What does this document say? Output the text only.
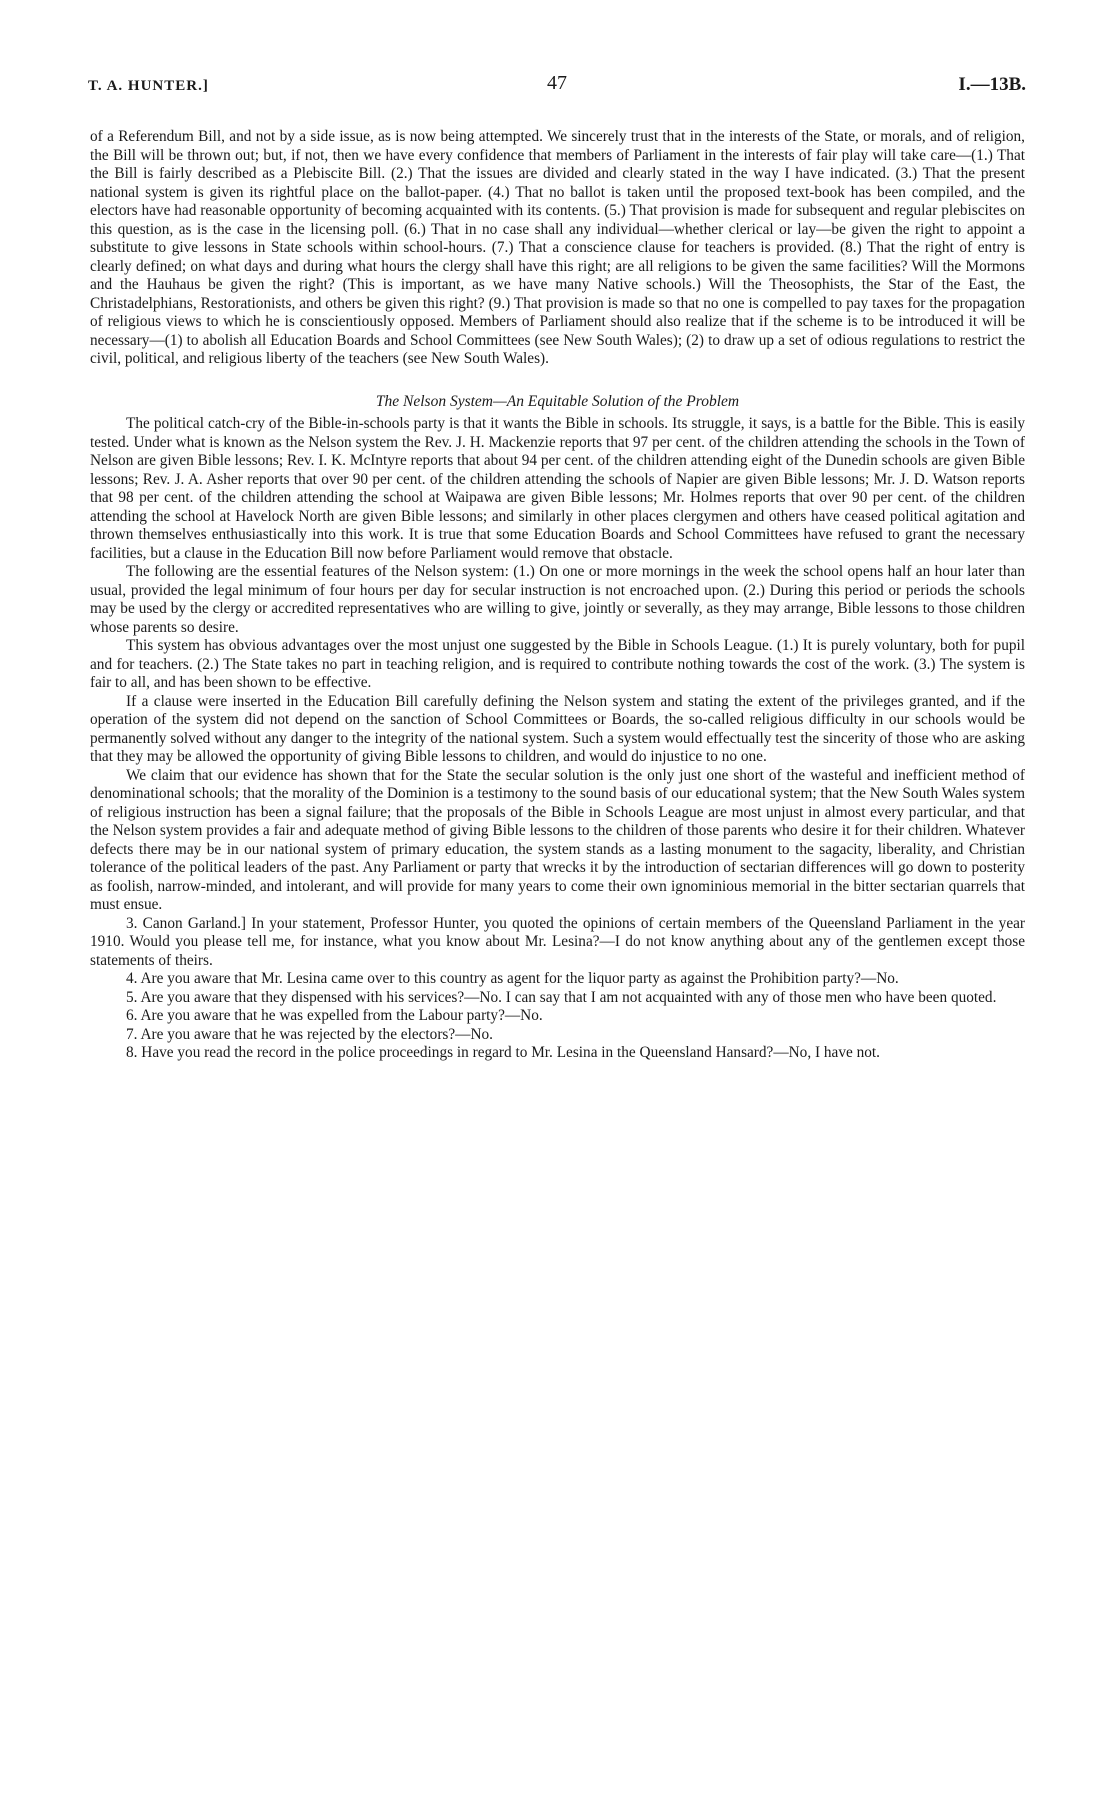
T. A. HUNTER.]	47	I.—13B.

of a Referendum Bill, and not by a side issue, as is now being attempted. We sincerely trust that in the interests of the State, or morals, and of religion, the Bill will be thrown out; but, if not, then we have every confidence that members of Parliament in the interests of fair play will take care—(1.) That the Bill is fairly described as a Plebiscite Bill. (2.) That the issues are divided and clearly stated in the way I have indicated. (3.) That the present national system is given its rightful place on the ballot-paper. (4.) That no ballot is taken until the proposed text-book has been compiled, and the electors have had reasonable opportunity of becoming acquainted with its contents. (5.) That provision is made for subsequent and regular plebiscites on this question, as is the case in the licensing poll. (6.) That in no case shall any individual—whether clerical or lay—be given the right to appoint a substitute to give lessons in State schools within school-hours. (7.) That a conscience clause for teachers is provided. (8.) That the right of entry is clearly defined; on what days and during what hours the clergy shall have this right; are all religions to be given the same facilities? Will the Mormons and the Hauhaus be given the right? (This is important, as we have many Native schools.) Will the Theosophists, the Star of the East, the Christadelphians, Restorationists, and others be given this right? (9.) That provision is made so that no one is compelled to pay taxes for the propagation of religious views to which he is conscientiously opposed. Members of Parliament should also realize that if the scheme is to be introduced it will be necessary—(1) to abolish all Education Boards and School Committees (see New South Wales); (2) to draw up a set of odious regulations to restrict the civil, political, and religious liberty of the teachers (see New South Wales).

The Nelson System—An Equitable Solution of the Problem

The political catch-cry of the Bible-in-schools party is that it wants the Bible in schools. Its struggle, it says, is a battle for the Bible. This is easily tested. Under what is known as the Nelson system the Rev. J. H. Mackenzie reports that 97 per cent. of the children attending the schools in the Town of Nelson are given Bible lessons; Rev. I. K. McIntyre reports that about 94 per cent. of the children attending eight of the Dunedin schools are given Bible lessons; Rev. J. A. Asher reports that over 90 per cent. of the children attending the schools of Napier are given Bible lessons; Mr. J. D. Watson reports that 98 per cent. of the children attending the school at Waipawa are given Bible lessons; Mr. Holmes reports that over 90 per cent. of the children attending the school at Havelock North are given Bible lessons; and similarly in other places clergymen and others have ceased political agitation and thrown themselves enthusiastically into this work. It is true that some Education Boards and School Committees have refused to grant the necessary facilities, but a clause in the Education Bill now before Parliament would remove that obstacle.

The following are the essential features of the Nelson system: (1.) On one or more mornings in the week the school opens half an hour later than usual, provided the legal minimum of four hours per day for secular instruction is not encroached upon. (2.) During this period or periods the schools may be used by the clergy or accredited representatives who are willing to give, jointly or severally, as they may arrange, Bible lessons to those children whose parents so desire.

This system has obvious advantages over the most unjust one suggested by the Bible in Schools League. (1.) It is purely voluntary, both for pupil and for teachers. (2.) The State takes no part in teaching religion, and is required to contribute nothing towards the cost of the work. (3.) The system is fair to all, and has been shown to be effective.

If a clause were inserted in the Education Bill carefully defining the Nelson system and stating the extent of the privileges granted, and if the operation of the system did not depend on the sanction of School Committees or Boards, the so-called religious difficulty in our schools would be permanently solved without any danger to the integrity of the national system. Such a system would effectually test the sincerity of those who are asking that they may be allowed the opportunity of giving Bible lessons to children, and would do injustice to no one.

We claim that our evidence has shown that for the State the secular solution is the only just one short of the wasteful and inefficient method of denominational schools; that the morality of the Dominion is a testimony to the sound basis of our educational system; that the New South Wales system of religious instruction has been a signal failure; that the proposals of the Bible in Schools League are most unjust in almost every particular, and that the Nelson system provides a fair and adequate method of giving Bible lessons to the children of those parents who desire it for their children. Whatever defects there may be in our national system of primary education, the system stands as a lasting monument to the sagacity, liberality, and Christian tolerance of the political leaders of the past. Any Parliament or party that wrecks it by the introduction of sectarian differences will go down to posterity as foolish, narrow-minded, and intolerant, and will provide for many years to come their own ignominious memorial in the bitter sectarian quarrels that must ensue.

3. Canon Garland.] In your statement, Professor Hunter, you quoted the opinions of certain members of the Queensland Parliament in the year 1910. Would you please tell me, for instance, what you know about Mr. Lesina?—I do not know anything about any of the gentlemen except those statements of theirs.

4. Are you aware that Mr. Lesina came over to this country as agent for the liquor party as against the Prohibition party?—No.

5. Are you aware that they dispensed with his services?—No. I can say that I am not acquainted with any of those men who have been quoted.

6. Are you aware that he was expelled from the Labour party?—No.

7. Are you aware that he was rejected by the electors?—No.

8. Have you read the record in the police proceedings in regard to Mr. Lesina in the Queensland Hansard?—No, I have not.
